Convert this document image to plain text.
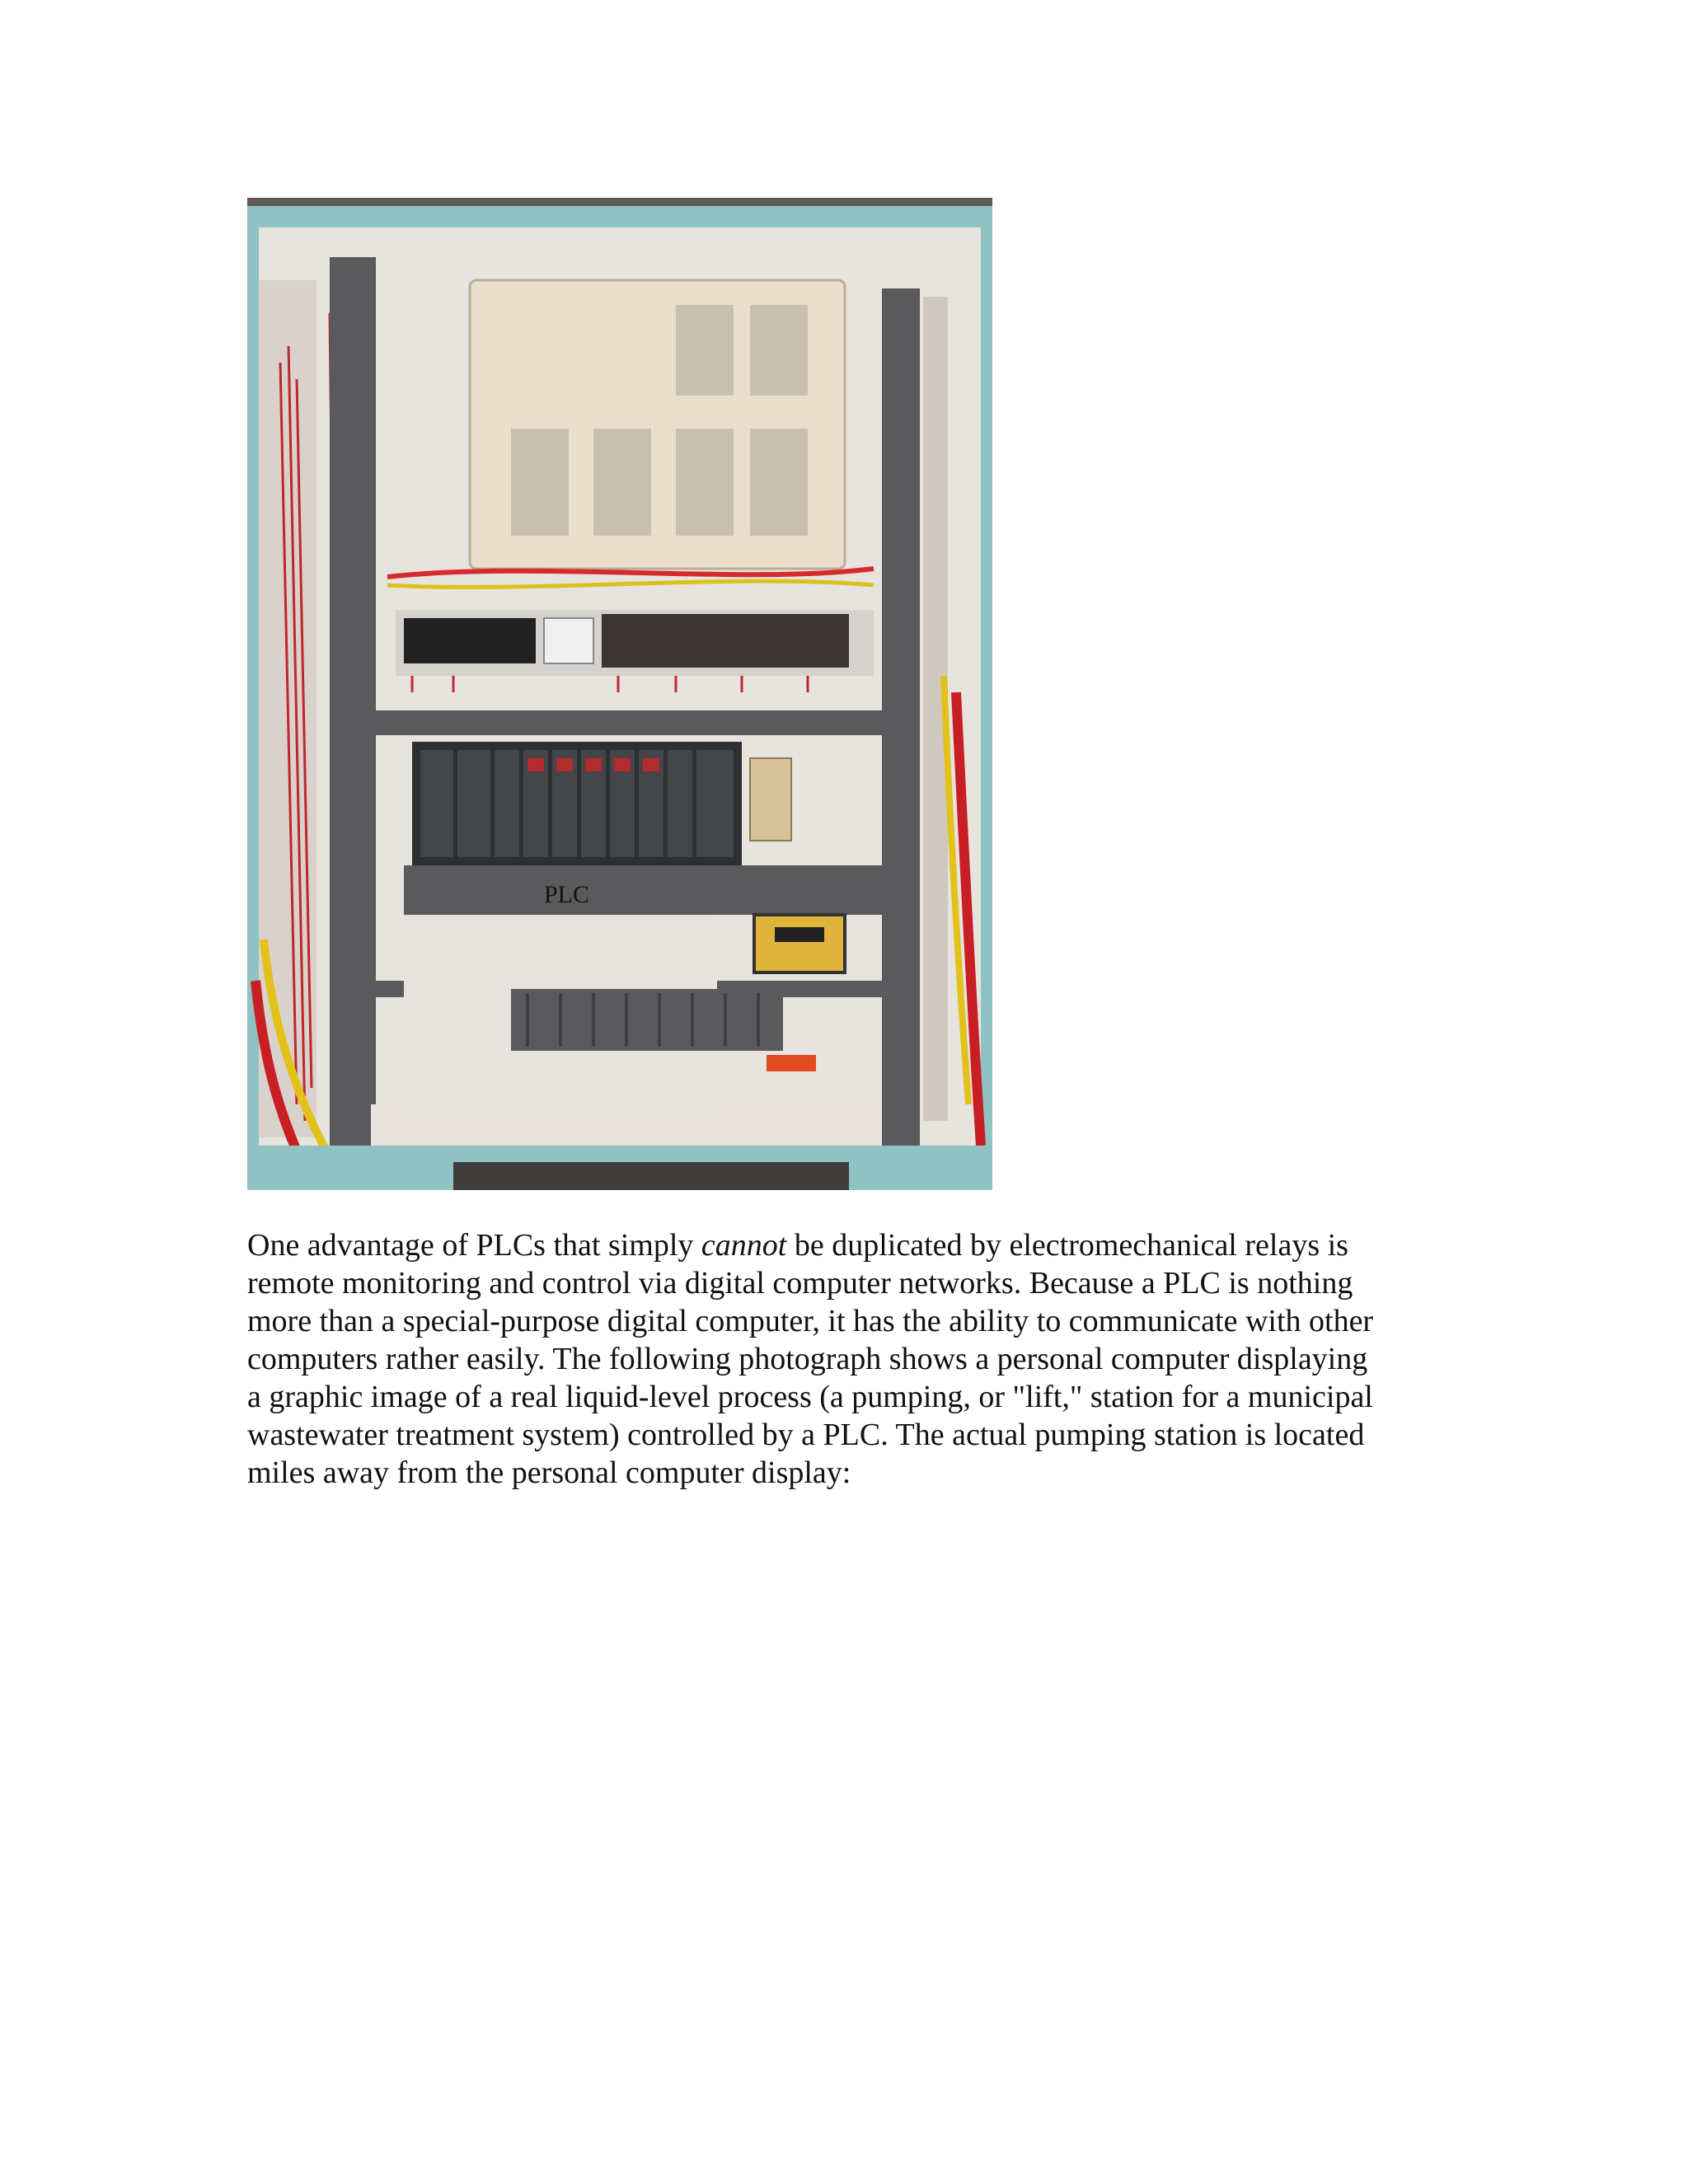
PLC

One advantage of PLCs that simply cannot be duplicated by electromechanical relays is
remote monitoring and control via digital computer networks. Because a PLC is nothing
more than a special-purpose digital computer, it has the ability to communicate with other
computers rather easily. The following photograph shows a personal computer displaying
a graphic image of a real liquid-level process (a pumping, or "lift," station for a municipal
wastewater treatment system) controlled by a PLC. The actual pumping station is located
miles away from the personal computer display:
